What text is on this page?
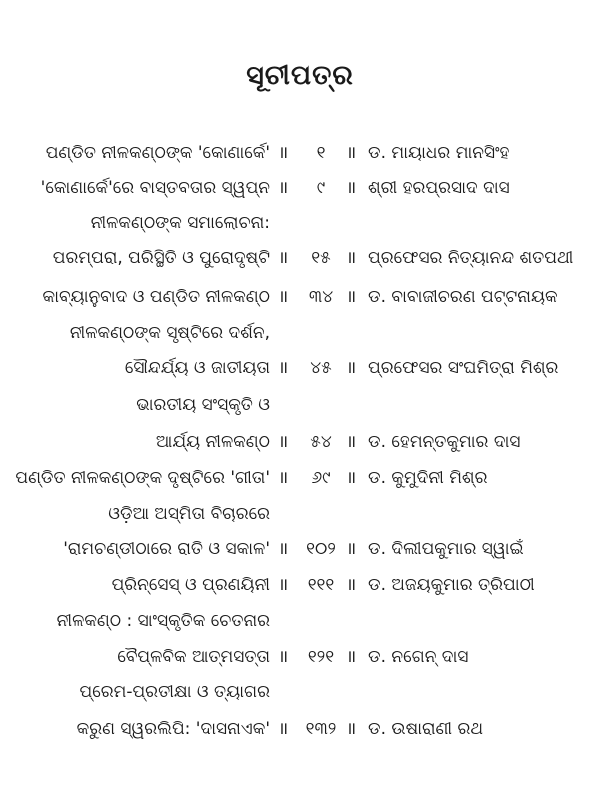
ସୂଚୀପତ୍ର
ପଣ୍ଡିତ ନୀଳକଣ୍ଠଙ୍କ 'କୋଣାର୍କେ' ॥	୧	॥ ଡ. ମାୟାଧର ମାନସିଂହ
'କୋଣାର୍କେ'ରେ ବାସ୍ତବତାର ସ୍ୱପ୍ନ ॥	୯	॥ ଶ୍ରୀ ହରପ୍ରସାଦ ଦାସ
ନୀଳକଣ୍ଠଙ୍କ ସମାଲୋଚନା:
ପରମ୍ପରା, ପରିସ୍ଥିତି ଓ ପୁରୋଦୃଷ୍ଟି ॥	୧୫ ॥ ପ୍ରଫେସର ନିତ୍ୟାନନ୍ଦ ଶତପଥୀ
କାବ୍ୟାନୁବାଦ ଓ ପଣ୍ଡିତ ନୀଳକଣ୍ଠ ॥	୩୪ ॥ ଡ. ବାବାଜୀଚରଣ ପଟ୍ଟନାୟକ
ନୀଳକଣ୍ଠଙ୍କ ସୃଷ୍ଟିରେ ଦର୍ଶନ,
ସୌନ୍ଦର୍ଯ୍ୟ ଓ ଜାତୀୟତା ॥	୪୫ ॥ ପ୍ରଫେସର ସଂଘମିତ୍ରା ମିଶ୍ର
ଭାରତୀୟ ସଂସ୍କୃତି ଓ
ଆର୍ଯ୍ୟ ନୀଳକଣ୍ଠ ॥	୫୪ ॥ ଡ. ହେମନ୍ତକୁମାର ଦାସ
ପଣ୍ଡିତ ନୀଳକଣ୍ଠଙ୍କ ଦୃଷ୍ଟିରେ 'ଗୀତା' ॥	୬୯ ॥ ଡ. କୁମୁଦିନୀ ମିଶ୍ର
ଓଡ଼ିଆ ଅସ୍ମିତା ବିଚାରରେ
'ରାମଚଣ୍ଡୀଠାରେ ରାତି ଓ ସକାଳ' ॥	୧୦୨ ॥ ଡ. ଦିଲୀପକୁମାର ସ୍ୱାଇଁ
ପ୍ରିନ୍‌ସେସ୍ ଓ ପ୍ରଣୟିନୀ ॥	୧୧୧ ॥ ଡ. ଅଜୟକୁମାର ତ୍ରିପାଠୀ
ନୀଳକଣ୍ଠ : ସାଂସ୍କୃତିକ ଚେତନାର
ବୈପ୍ଳବିକ ଆତ୍ମସତ୍ତା ॥	୧୨୧ ॥ ଡ. ନଗେନ୍ ଦାସ
ପ୍ରେମ-ପ୍ରତୀକ୍ଷା ଓ ତ୍ୟାଗର
କରୁଣ ସ୍ୱରଲିପି: 'ଦାସନାଏକ' ॥	୧୩୨ ॥ ଡ. ଉଷାରାଣୀ ରଥ
